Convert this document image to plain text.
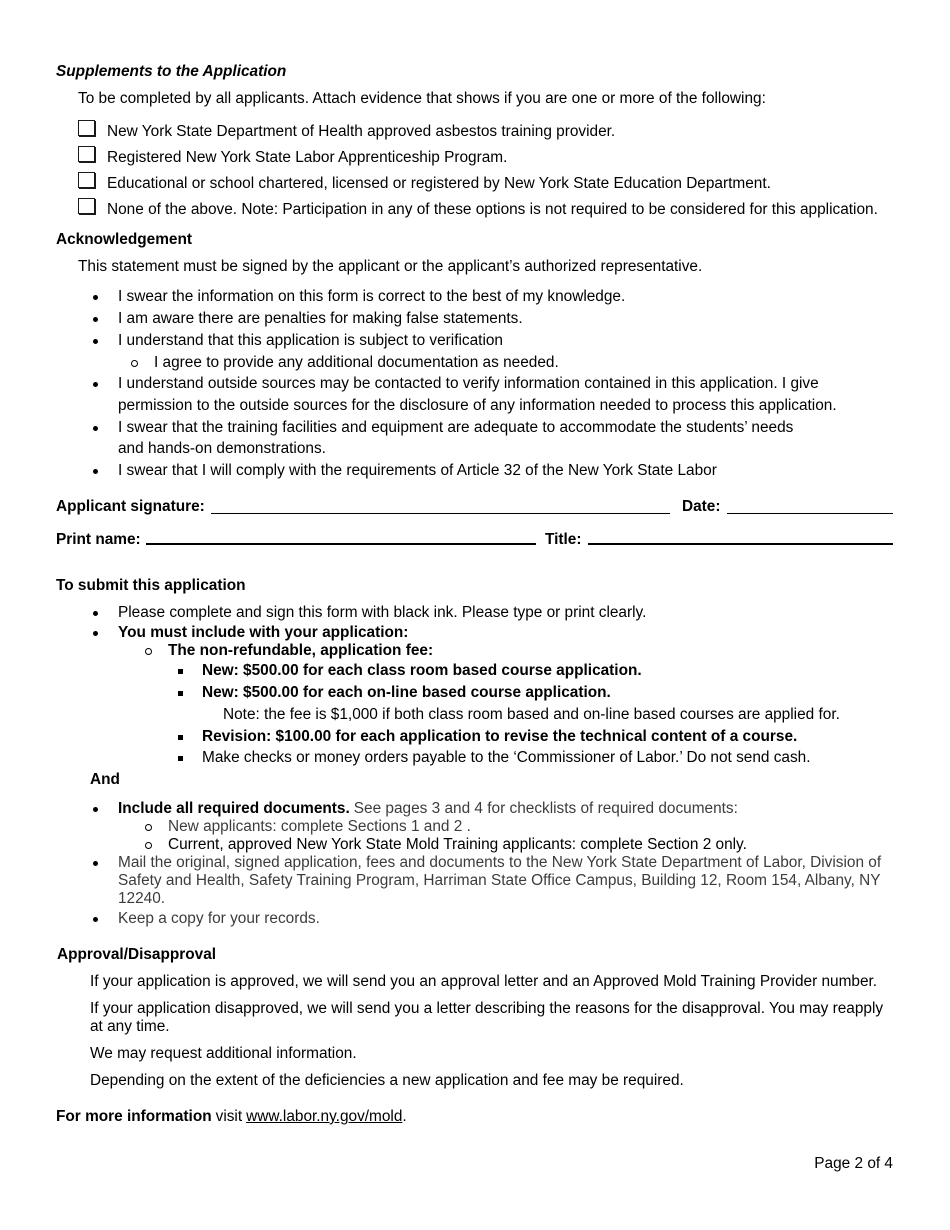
Supplements to the Application
To be completed by all applicants. Attach evidence that shows if you are one or more of the following:
New York State Department of Health approved asbestos training provider.
Registered New York State Labor Apprenticeship Program.
Educational or school chartered, licensed or registered by New York State Education Department.
None of the above. Note: Participation in any of these options is not required to be considered for this application.
Acknowledgement
This statement must be signed by the applicant or the applicant’s authorized representative.
I swear the information on this form is correct to the best of my knowledge.
I am aware there are penalties for making false statements.
I understand that this application is subject to verification
I agree to provide any additional documentation as needed.
I understand outside sources may be contacted to verify information contained in this application. I give
permission to the outside sources for the disclosure of any information needed to process this application.
I swear that the training facilities and equipment are adequate to accommodate the students’ needs
and hands-on demonstrations.
I swear that I will comply with the requirements of Article 32 of the New York State Labor
Applicant signature:	Date:
Print name:	Title:
To submit this application
Please complete and sign this form with black ink. Please type or print clearly.
You must include with your application:
The non-refundable, application fee:
New: $500.00 for each class room based course application.
New: $500.00 for each on-line based course application.
Note: the fee is $1,000 if both class room based and on-line based courses are applied for.
Revision: $100.00 for each application to revise the technical content of a course.
Make checks or money orders payable to the ‘Commissioner of Labor.’ Do not send cash.
And
Include all required documents. See pages 3 and 4 for checklists of required documents:
New applicants: complete Sections 1 and 2 .
Current, approved New York State Mold Training applicants: complete Section 2 only.
Mail the original, signed application, fees and documents to the New York State Department of Labor, Division of
Safety and Health, Safety Training Program, Harriman State Office Campus, Building 12, Room 154, Albany, NY
12240.
Keep a copy for your records.
Approval/Disapproval
If your application is approved, we will send you an approval letter and an Approved Mold Training Provider number.
If your application disapproved, we will send you a letter describing the reasons for the disapproval. You may reapply
at any time.
We may request additional information.
Depending on the extent of the deficiencies a new application and fee may be required.
For more information visit www.labor.ny.gov/mold.
Page 2 of 4
